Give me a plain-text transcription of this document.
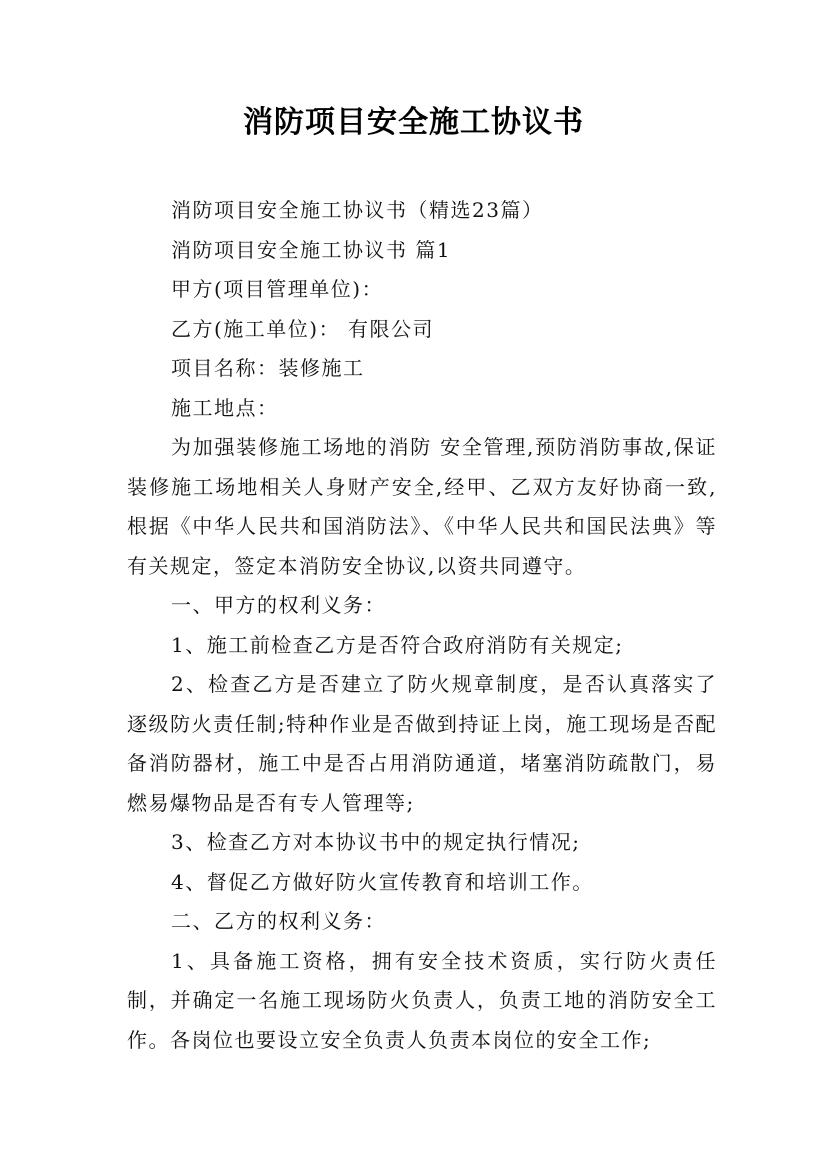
消防项目安全施工协议书

消防项目安全施工协议书（精选23篇）

消防项目安全施工协议书 篇1

甲方(项目管理单位)：

乙方(施工单位)： 有限公司

项目名称：装修施工

施工地点：

为加强装修施工场地的消防 安全管理,预防消防事故,保证装修施工场地相关人身财产安全,经甲、乙双方友好协商一致,根据《中华人民共和国消防法》、《中华人民共和国民法典》等有关规定，签定本消防安全协议,以资共同遵守。

一、甲方的权利义务：

1、施工前检查乙方是否符合政府消防有关规定;

2、检查乙方是否建立了防火规章制度，是否认真落实了逐级防火责任制;特种作业是否做到持证上岗，施工现场是否配备消防器材，施工中是否占用消防通道，堵塞消防疏散门，易燃易爆物品是否有专人管理等;

3、检查乙方对本协议书中的规定执行情况;

4、督促乙方做好防火宣传教育和培训工作。

二、乙方的权利义务：

1、具备施工资格，拥有安全技术资质，实行防火责任制，并确定一名施工现场防火负责人，负责工地的消防安全工作。各岗位也要设立安全负责人负责本岗位的安全工作;
